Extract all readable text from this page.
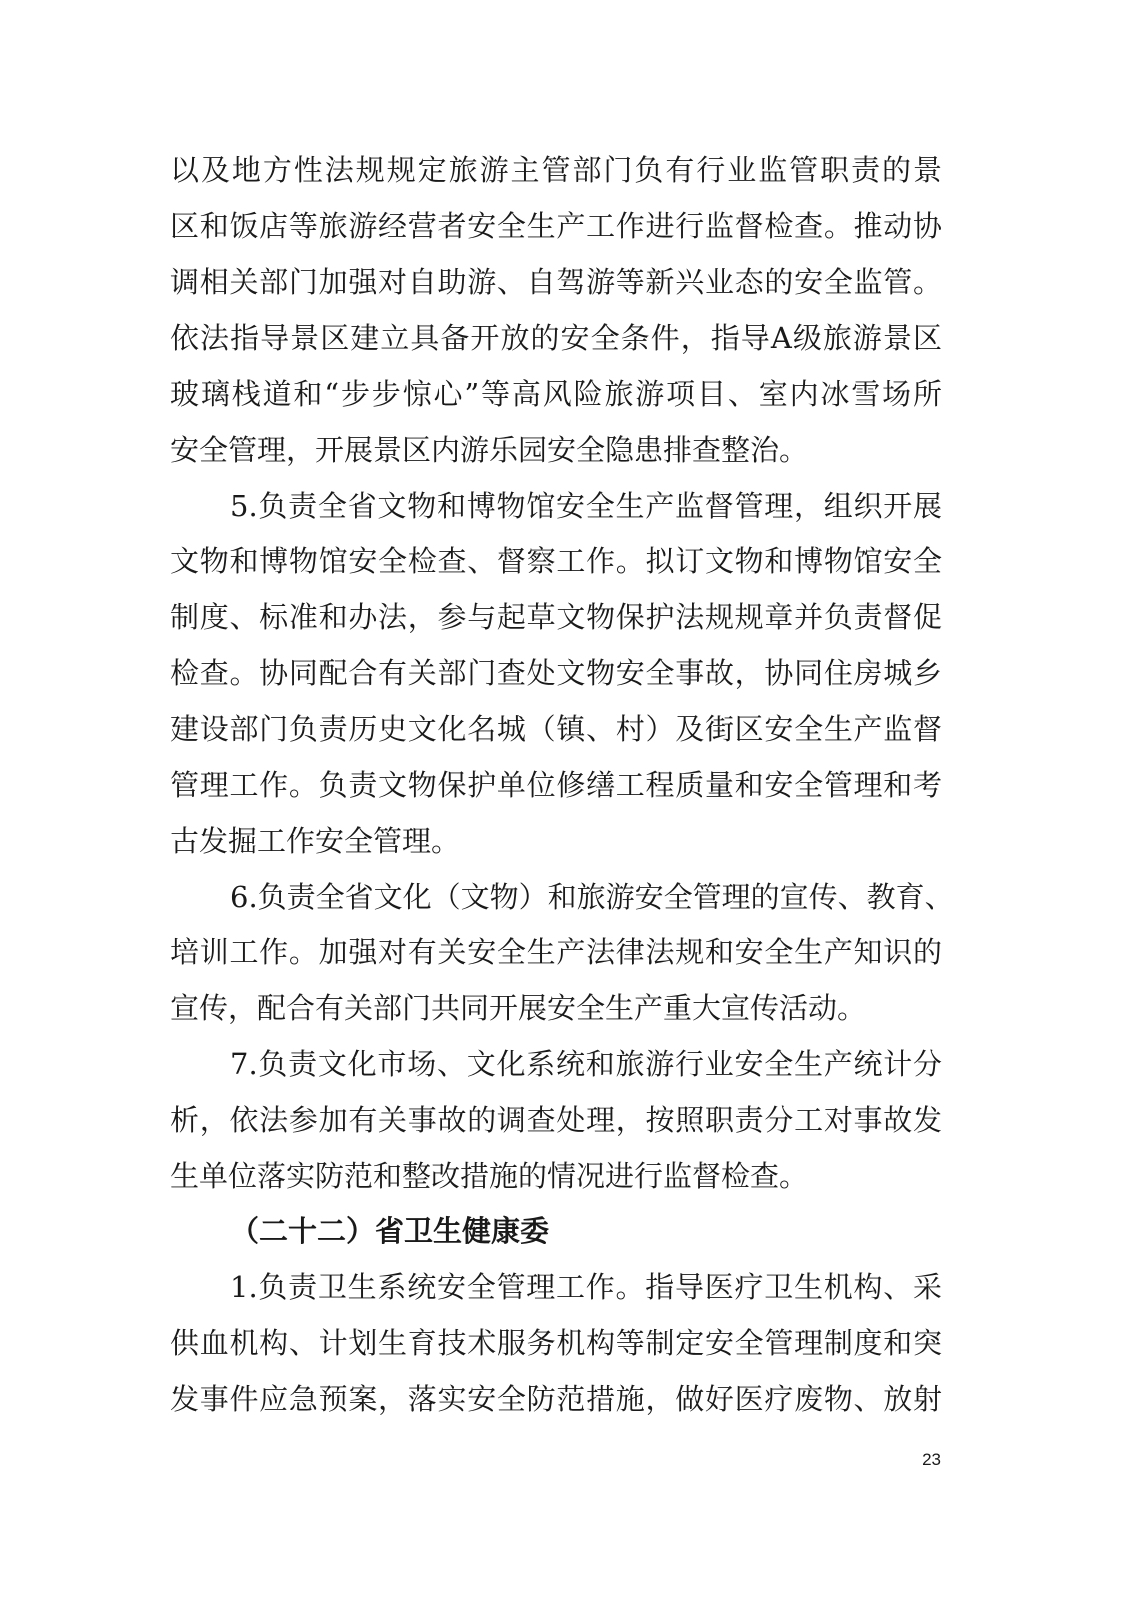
以及地方性法规规定旅游主管部门负有行业监管职责的景
区和饭店等旅游经营者安全生产工作进行监督检查。推动协
调相关部门加强对自助游、自驾游等新兴业态的安全监管。
依法指导景区建立具备开放的安全条件，指导A级旅游景区
玻璃栈道和“步步惊心”等高风险旅游项目、室内冰雪场所
安全管理，开展景区内游乐园安全隐患排查整治。
5.负责全省文物和博物馆安全生产监督管理，组织开展
文物和博物馆安全检查、督察工作。拟订文物和博物馆安全
制度、标准和办法，参与起草文物保护法规规章并负责督促
检查。协同配合有关部门查处文物安全事故，协同住房城乡
建设部门负责历史文化名城（镇、村）及街区安全生产监督
管理工作。负责文物保护单位修缮工程质量和安全管理和考
古发掘工作安全管理。
6.负责全省文化（文物）和旅游安全管理的宣传、教育、
培训工作。加强对有关安全生产法律法规和安全生产知识的
宣传，配合有关部门共同开展安全生产重大宣传活动。
7.负责文化市场、文化系统和旅游行业安全生产统计分
析，依法参加有关事故的调查处理，按照职责分工对事故发
生单位落实防范和整改措施的情况进行监督检查。
（二十二）省卫生健康委
1.负责卫生系统安全管理工作。指导医疗卫生机构、采
供血机构、计划生育技术服务机构等制定安全管理制度和突
发事件应急预案，落实安全防范措施，做好医疗废物、放射
23
